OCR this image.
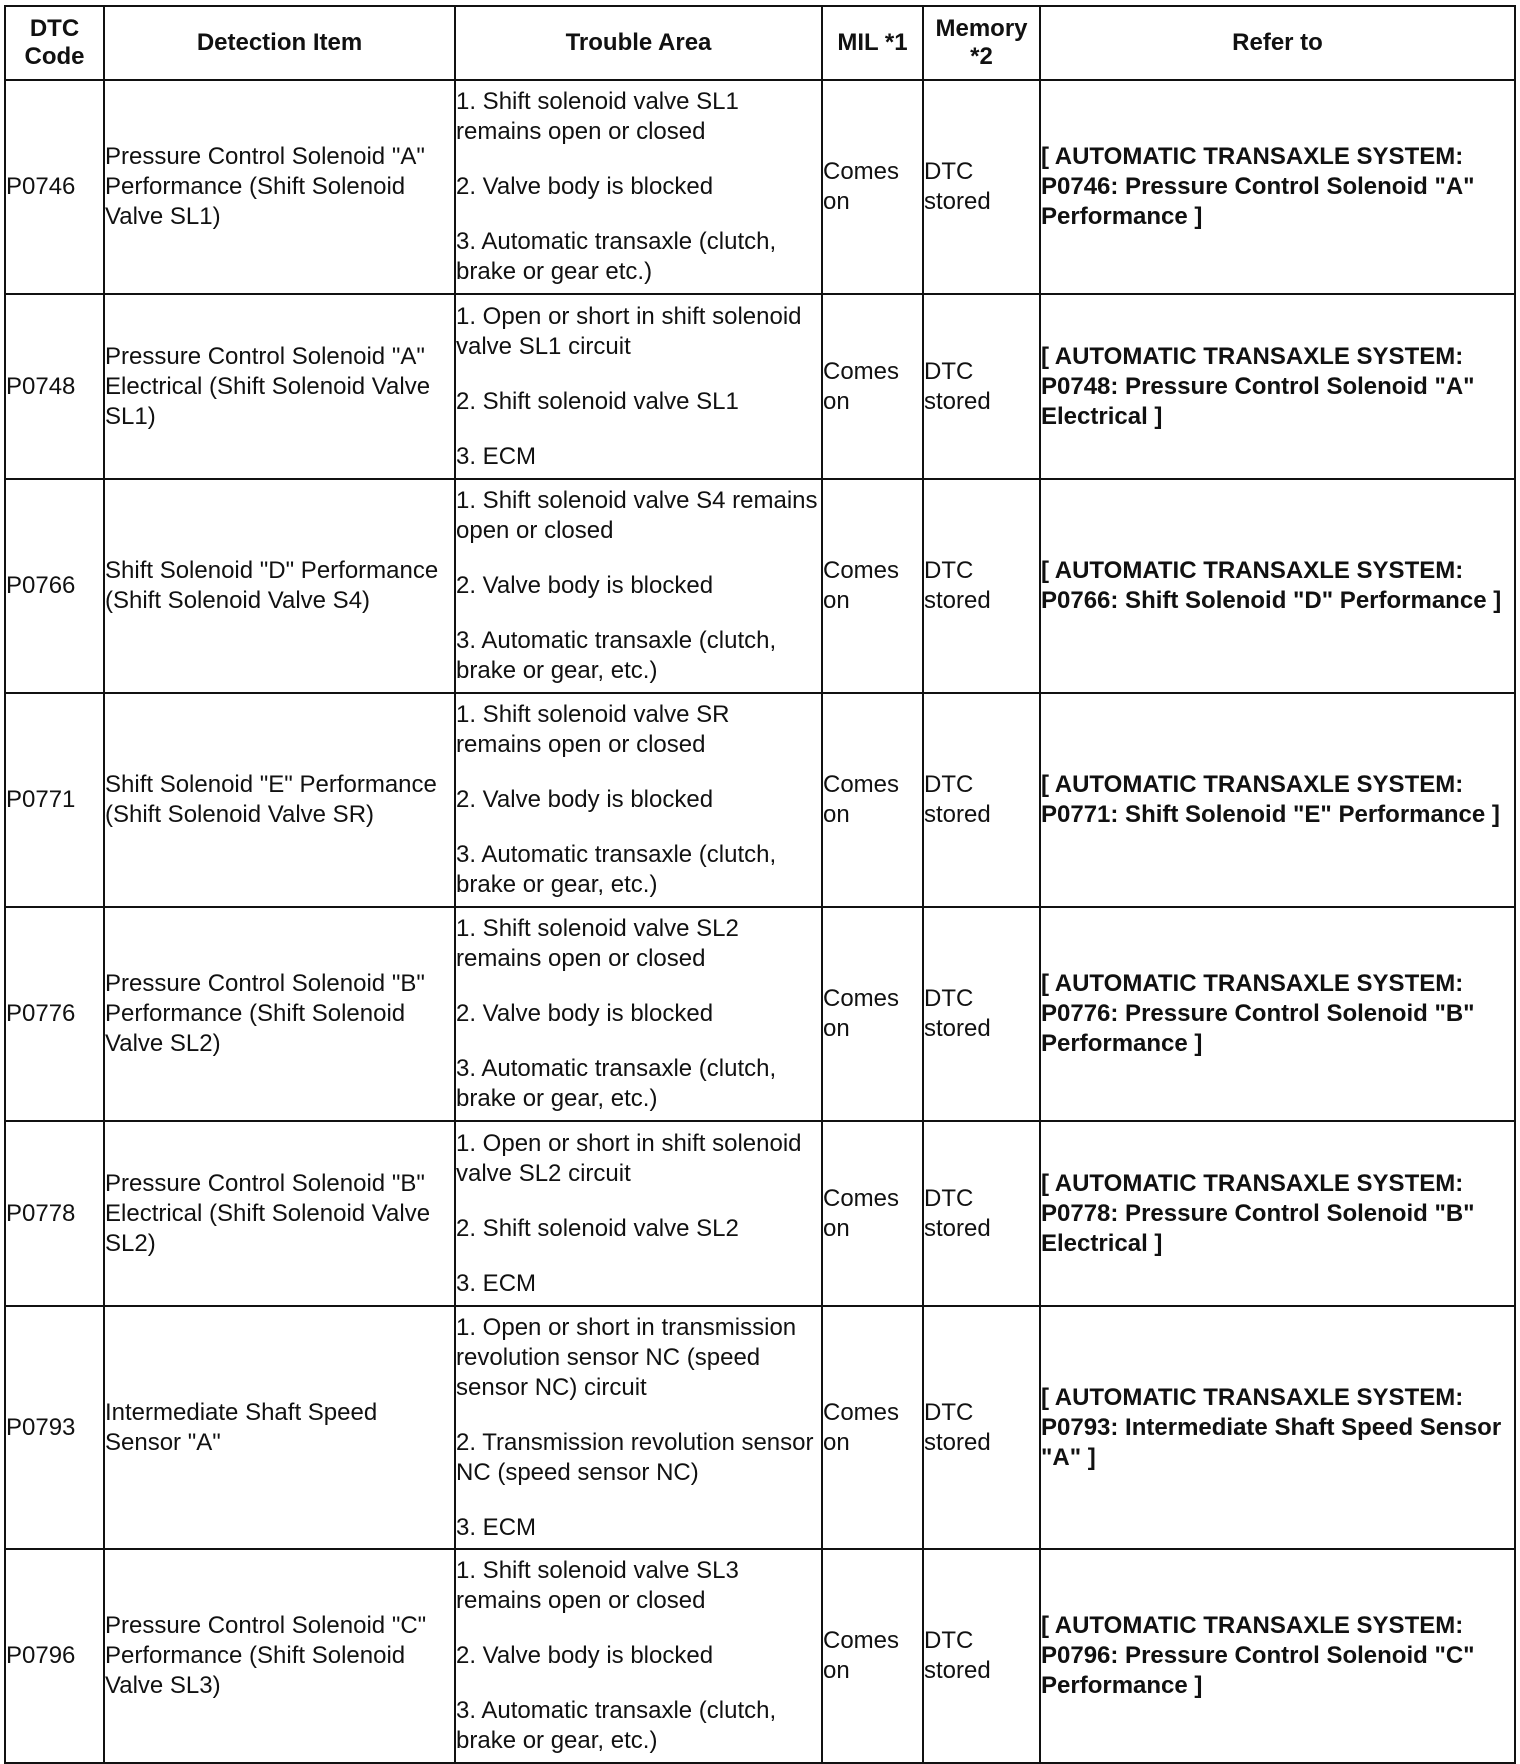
DTC Code	Detection Item	Trouble Area	MIL *1	Memory *2	Refer to
P0746	Pressure Control Solenoid "A" Performance (Shift Solenoid Valve SL1)	1. Shift solenoid valve SL1 remains open or closed
2. Valve body is blocked
3. Automatic transaxle (clutch, brake or gear etc.)	Comes on	DTC stored	[ AUTOMATIC TRANSAXLE SYSTEM: P0746: Pressure Control Solenoid "A" Performance ]
P0748	Pressure Control Solenoid "A" Electrical (Shift Solenoid Valve SL1)	1. Open or short in shift solenoid valve SL1 circuit
2. Shift solenoid valve SL1
3. ECM	Comes on	DTC stored	[ AUTOMATIC TRANSAXLE SYSTEM: P0748: Pressure Control Solenoid "A" Electrical ]
P0766	Shift Solenoid "D" Performance (Shift Solenoid Valve S4)	1. Shift solenoid valve S4 remains open or closed
2. Valve body is blocked
3. Automatic transaxle (clutch, brake or gear, etc.)	Comes on	DTC stored	[ AUTOMATIC TRANSAXLE SYSTEM: P0766: Shift Solenoid "D" Performance ]
P0771	Shift Solenoid "E" Performance (Shift Solenoid Valve SR)	1. Shift solenoid valve SR remains open or closed
2. Valve body is blocked
3. Automatic transaxle (clutch, brake or gear, etc.)	Comes on	DTC stored	[ AUTOMATIC TRANSAXLE SYSTEM: P0771: Shift Solenoid "E" Performance ]
P0776	Pressure Control Solenoid "B" Performance (Shift Solenoid Valve SL2)	1. Shift solenoid valve SL2 remains open or closed
2. Valve body is blocked
3. Automatic transaxle (clutch, brake or gear, etc.)	Comes on	DTC stored	[ AUTOMATIC TRANSAXLE SYSTEM: P0776: Pressure Control Solenoid "B" Performance ]
P0778	Pressure Control Solenoid "B" Electrical (Shift Solenoid Valve SL2)	1. Open or short in shift solenoid valve SL2 circuit
2. Shift solenoid valve SL2
3. ECM	Comes on	DTC stored	[ AUTOMATIC TRANSAXLE SYSTEM: P0778: Pressure Control Solenoid "B" Electrical ]
P0793	Intermediate Shaft Speed Sensor "A"	1. Open or short in transmission revolution sensor NC (speed sensor NC) circuit
2. Transmission revolution sensor NC (speed sensor NC)
3. ECM	Comes on	DTC stored	[ AUTOMATIC TRANSAXLE SYSTEM: P0793: Intermediate Shaft Speed Sensor "A" ]
P0796	Pressure Control Solenoid "C" Performance (Shift Solenoid Valve SL3)	1. Shift solenoid valve SL3 remains open or closed
2. Valve body is blocked
3. Automatic transaxle (clutch, brake or gear, etc.)	Comes on	DTC stored	[ AUTOMATIC TRANSAXLE SYSTEM: P0796: Pressure Control Solenoid "C" Performance ]
